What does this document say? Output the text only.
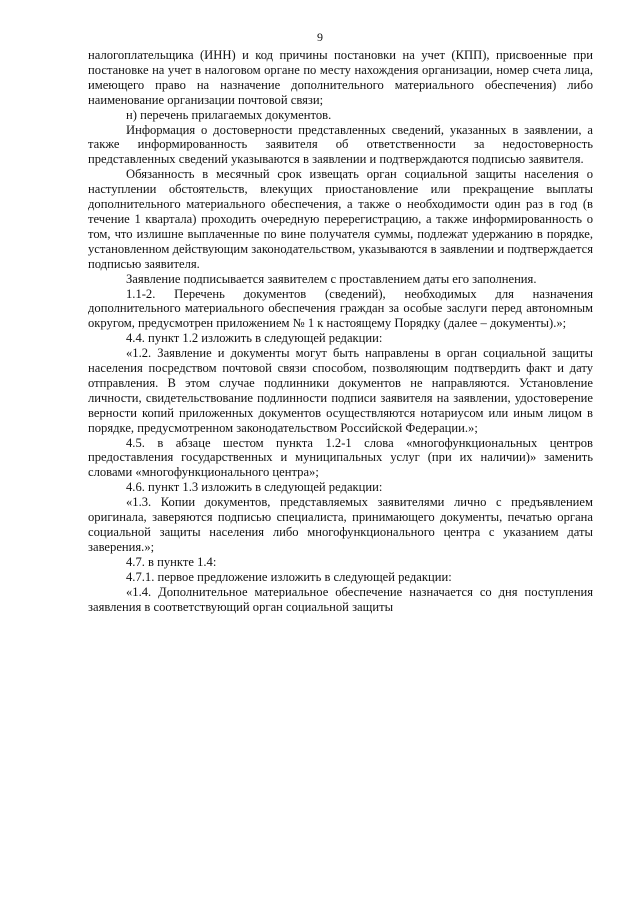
9

налогоплательщика (ИНН) и код причины постановки на учет (КПП), присвоенные при постановке на учет в налоговом органе по месту нахождения организации, номер счета лица, имеющего право на назначение дополнительного материального обеспечения) либо наименование организации почтовой связи;

н) перечень прилагаемых документов.

Информация о достоверности представленных сведений, указанных в заявлении, а также информированность заявителя об ответственности за недостоверность представленных сведений указываются в заявлении и подтверждаются подписью заявителя.

Обязанность в месячный срок извещать орган социальной защиты населения о наступлении обстоятельств, влекущих приостановление или прекращение выплаты дополнительного материального обеспечения, а также о необходимости один раз в год (в течение 1 квартала) проходить очередную перерегистрацию, а также информированность о том, что излишне выплаченные по вине получателя суммы, подлежат удержанию в порядке, установленном действующим законодательством, указываются в заявлении и подтверждается подписью заявителя.

Заявление подписывается заявителем с проставлением даты его заполнения.

1.1-2. Перечень документов (сведений), необходимых для назначения дополнительного материального обеспечения граждан за особые заслуги перед автономным округом, предусмотрен приложением № 1 к настоящему Порядку (далее – документы).»;

4.4. пункт 1.2 изложить в следующей редакции:

«1.2. Заявление и документы могут быть направлены в орган социальной защиты населения посредством почтовой связи способом, позволяющим подтвердить факт и дату отправления. В этом случае подлинники документов не направляются. Установление личности, свидетельствование подлинности подписи заявителя на заявлении, удостоверение верности копий приложенных документов осуществляются нотариусом или иным лицом в порядке, предусмотренном законодательством Российской Федерации.»;

4.5. в абзаце шестом пункта 1.2-1 слова «многофункциональных центров предоставления государственных и муниципальных услуг (при их наличии)» заменить словами «многофункционального центра»;

4.6. пункт 1.3 изложить в следующей редакции:

«1.3. Копии документов, представляемых заявителями лично с предъявлением оригинала, заверяются подписью специалиста, принимающего документы, печатью органа социальной защиты населения либо многофункционального центра с указанием даты заверения.»;

4.7. в пункте 1.4:

4.7.1. первое предложение изложить в следующей редакции:

«1.4. Дополнительное материальное обеспечение назначается со дня поступления заявления в соответствующий орган социальной защиты
